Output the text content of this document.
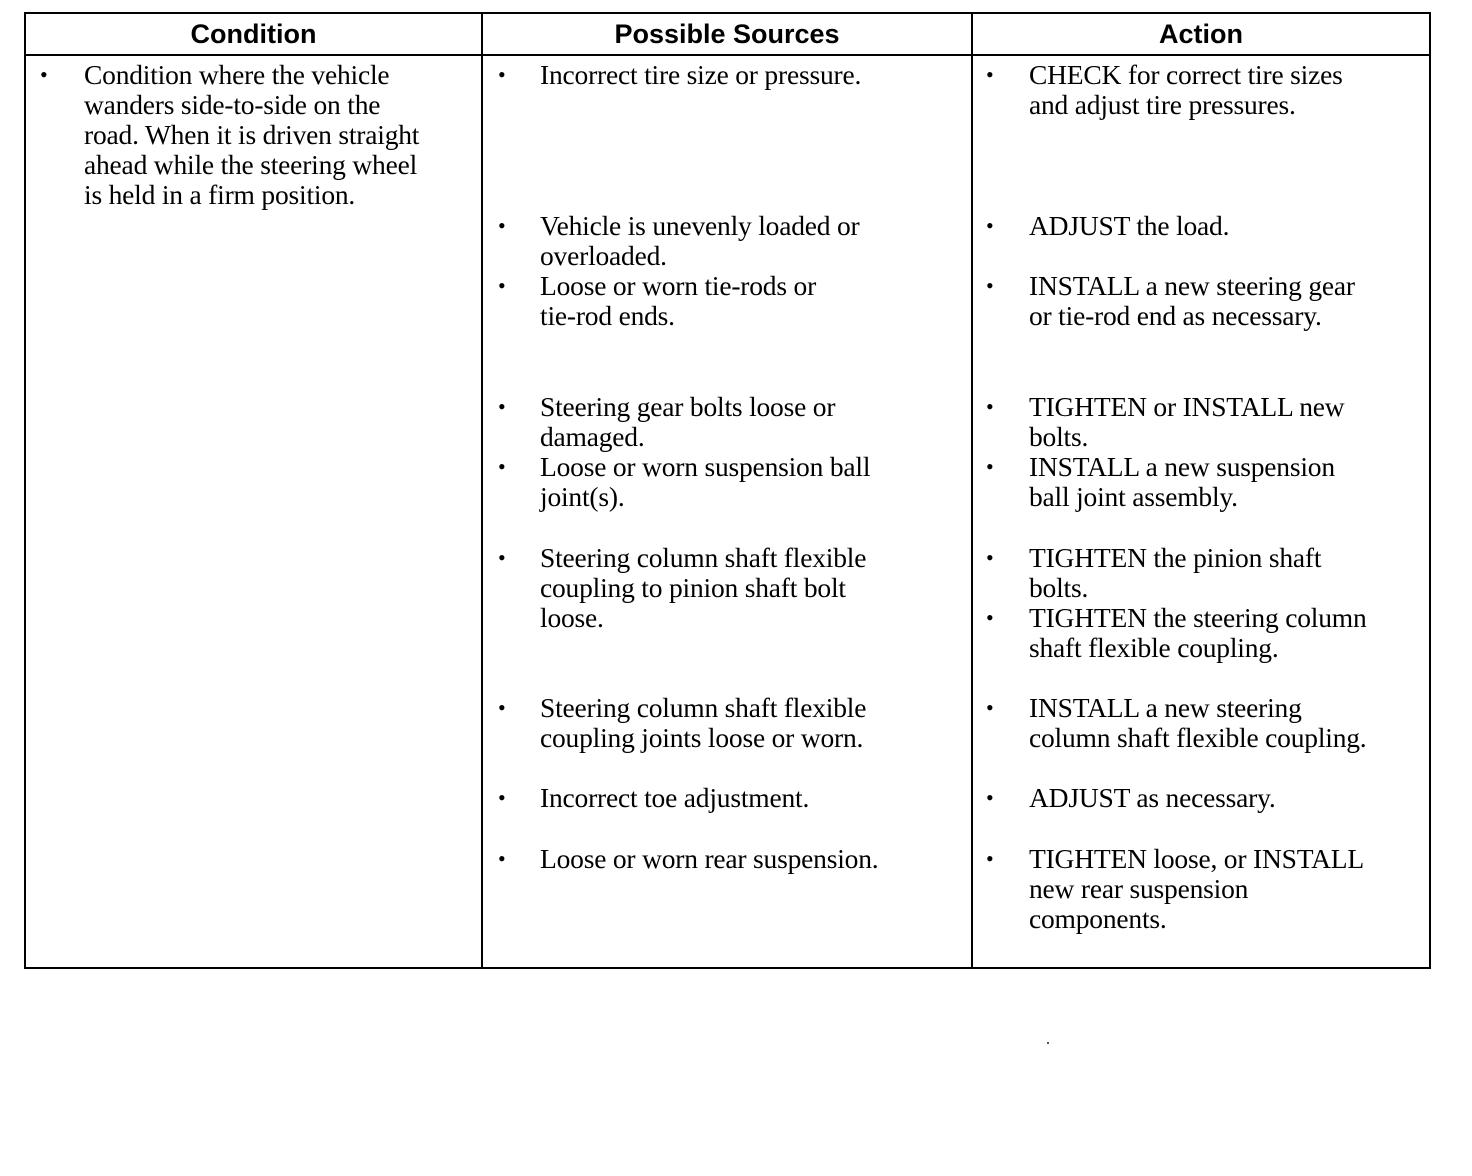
Condition	Possible Sources	Action
• Condition where the vehicle
wanders side-to-side on the
road. When it is driven straight
ahead while the steering wheel
is held in a firm position.
• Incorrect tire size or pressure.
• Vehicle is unevenly loaded or
overloaded.
• Loose or worn tie-rods or
tie-rod ends.
• Steering gear bolts loose or
damaged.
• Loose or worn suspension ball
joint(s).
• Steering column shaft flexible
coupling to pinion shaft bolt
loose.
• Steering column shaft flexible
coupling joints loose or worn.
• Incorrect toe adjustment.
• Loose or worn rear suspension.
• CHECK for correct tire sizes
and adjust tire pressures.
• ADJUST the load.
• INSTALL a new steering gear
or tie-rod end as necessary.
• TIGHTEN or INSTALL new
bolts.
• INSTALL a new suspension
ball joint assembly.
• TIGHTEN the pinion shaft
bolts.
• TIGHTEN the steering column
shaft flexible coupling.
• INSTALL a new steering
column shaft flexible coupling.
• ADJUST as necessary.
• TIGHTEN loose, or INSTALL
new rear suspension
components.
